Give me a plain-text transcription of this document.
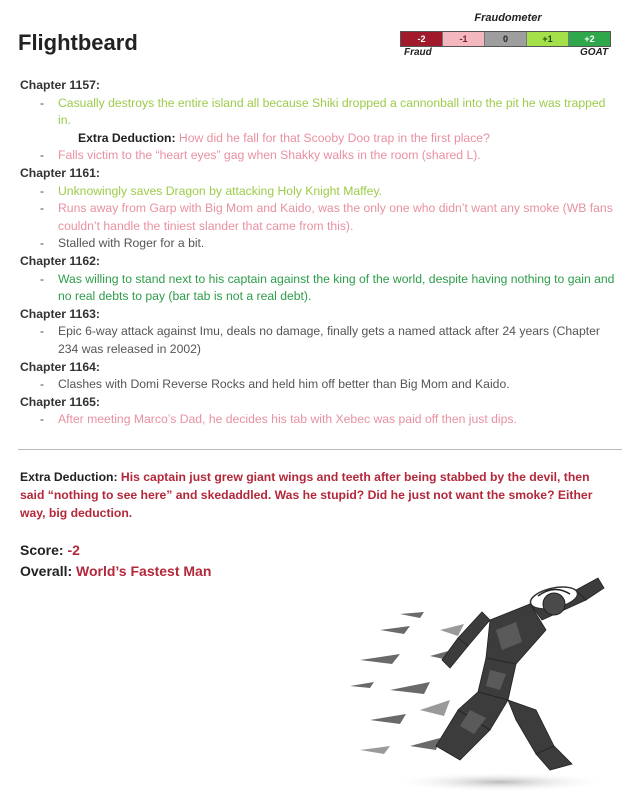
Flightbeard
Fraudometer
-2	-1	0	+1	+2
Fraud	GOAT
Chapter 1157:
- Casually destroys the entire island all because Shiki dropped a cannonball into the pit he was trapped in.
Extra Deduction: How did he fall for that Scooby Doo trap in the first place?
- Falls victim to the “heart eyes” gag when Shakky walks in the room (shared L).
Chapter 1161:
- Unknowingly saves Dragon by attacking Holy Knight Maffey.
- Runs away from Garp with Big Mom and Kaido, was the only one who didn’t want any smoke (WB fans couldn’t handle the tiniest slander that came from this).
- Stalled with Roger for a bit.
Chapter 1162:
- Was willing to stand next to his captain against the king of the world, despite having nothing to gain and no real debts to pay (bar tab is not a real debt).
Chapter 1163:
- Epic 6-way attack against Imu, deals no damage, finally gets a named attack after 24 years (Chapter 234 was released in 2002)
Chapter 1164:
- Clashes with Domi Reverse Rocks and held him off better than Big Mom and Kaido.
Chapter 1165:
- After meeting Marco’s Dad, he decides his tab with Xebec was paid off then just dips.
Extra Deduction: His captain just grew giant wings and teeth after being stabbed by the devil, then said “nothing to see here” and skedaddled. Was he stupid? Did he just not want the smoke? Either way, big deduction.
Score: -2
Overall: World’s Fastest Man
